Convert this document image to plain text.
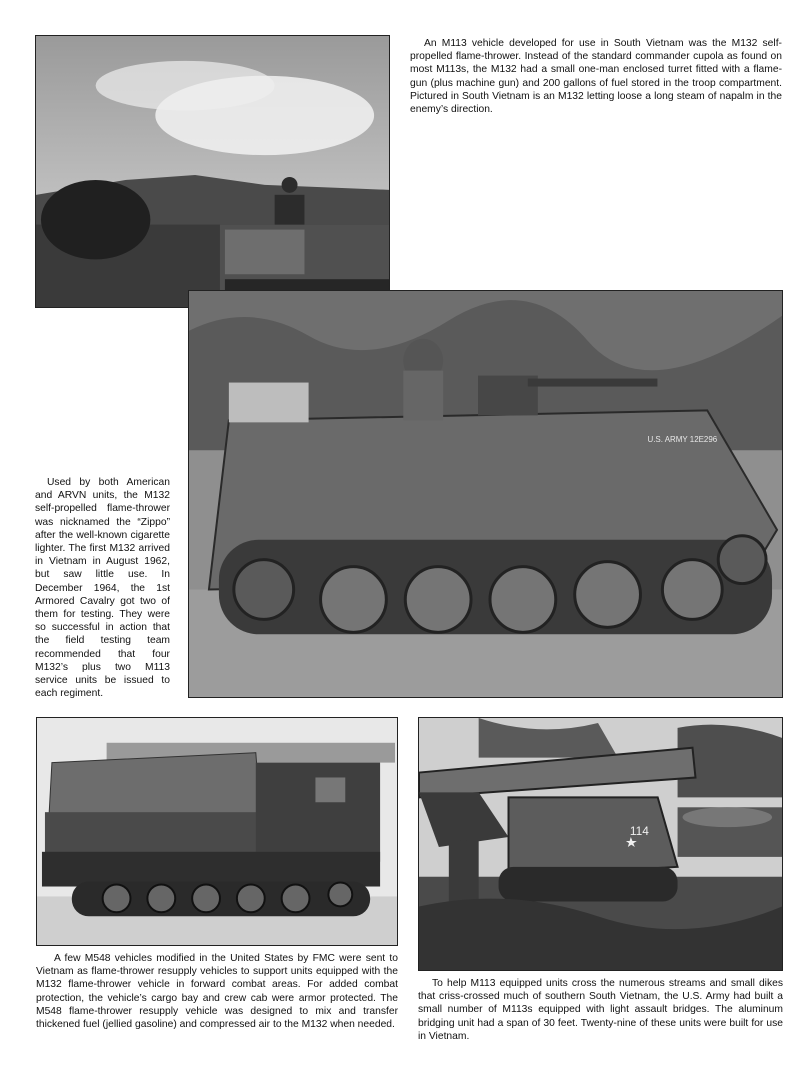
An M113 vehicle developed for use in South Vietnam was the M132 self-propelled flame-thrower. Instead of the standard commander cupola as found on most M113s, the M132 had a small one-man enclosed turret fitted with a flame-gun (plus machine gun) and 200 gallons of fuel stored in the troop compartment. Pictured in South Vietnam is an M132 letting loose a long steam of napalm in the enemy’s direction.

U.S. ARMY 12E296

Used by both American and ARVN units, the M132 self-propelled flame-thrower was nicknamed the “Zippo” after the well-known cigarette lighter. The first M132 arrived in Vietnam in August 1962, but saw little use. In December 1964, the 1st Armored Cavalry got two of them for testing. They were so successful in action that the field testing team recommended that four M132’s plus two M113 service units be issued to each regiment.

A few M548 vehicles modified in the United States by FMC were sent to Vietnam as flame-thrower resupply vehicles to support units equipped with the M132 flame-thrower vehicle in forward combat areas. For added combat protection, the vehicle’s cargo bay and crew cab were armor protected. The M548 flame-thrower resupply vehicle was designed to mix and transfer thickened fuel (jellied gasoline) and compressed air to the M132 when needed.

114

To help M113 equipped units cross the numerous streams and small dikes that criss-crossed much of southern South Vietnam, the U.S. Army had built a small number of M113s equipped with light assault bridges. The aluminum bridging unit had a span of 30 feet. Twenty-nine of these units were built for use in Vietnam.
